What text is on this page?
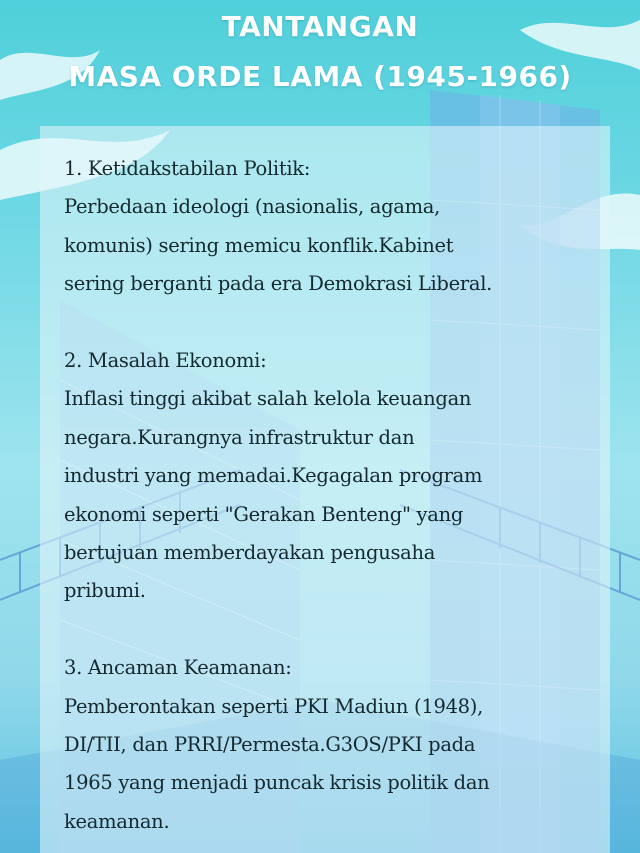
TANTANGAN
MASA ORDE LAMA (1945-1966)
1. Ketidakstabilan Politik:
Perbedaan ideologi (nasionalis, agama,
komunis) sering memicu konflik.Kabinet
sering berganti pada era Demokrasi Liberal.
2. Masalah Ekonomi:
Inflasi tinggi akibat salah kelola keuangan
negara.Kurangnya infrastruktur dan
industri yang memadai.Kegagalan program
ekonomi seperti "Gerakan Benteng" yang
bertujuan memberdayakan pengusaha
pribumi.
3. Ancaman Keamanan:
Pemberontakan seperti PKI Madiun (1948),
DI/TII, dan PRRI/Permesta.G3OS/PKI pada
1965 yang menjadi puncak krisis politik dan
keamanan.
